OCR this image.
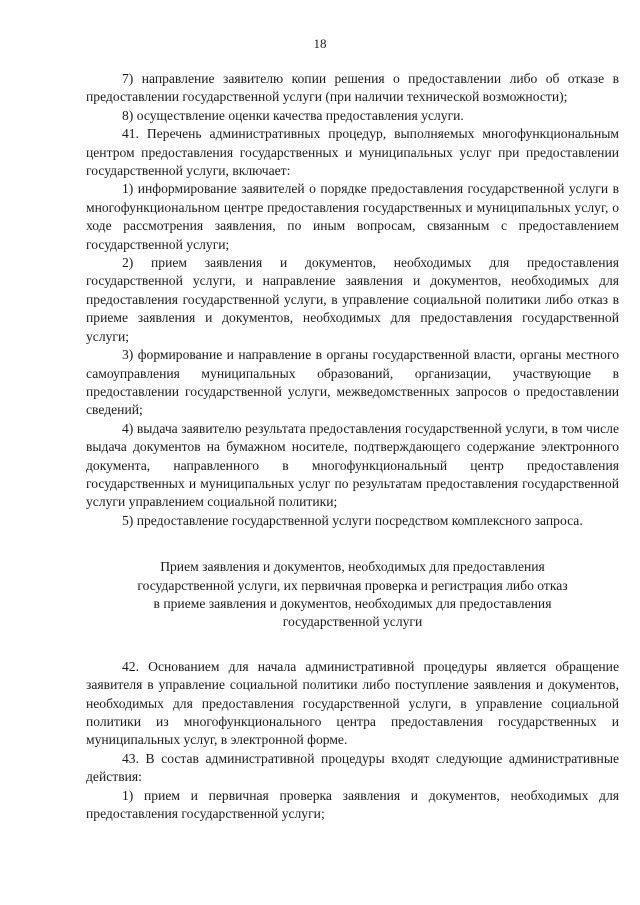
18

7) направление заявителю копии решения о предоставлении либо об отказе в предоставлении государственной услуги (при наличии технической возможности);

8) осуществление оценки качества предоставления услуги.

41. Перечень административных процедур, выполняемых многофункциональным центром предоставления государственных и муниципальных услуг при предоставлении государственной услуги, включает:

1) информирование заявителей о порядке предоставления государственной услуги в многофункциональном центре предоставления государственных и муниципальных услуг, о ходе рассмотрения заявления, по иным вопросам, связанным с предоставлением государственной услуги;

2) прием заявления и документов, необходимых для предоставления государственной услуги, и направление заявления и документов, необходимых для предоставления государственной услуги, в управление социальной политики либо отказ в приеме заявления и документов, необходимых для предоставления государственной услуги;

3) формирование и направление в органы государственной власти, органы местного самоуправления муниципальных образований, организации, участвующие в предоставлении государственной услуги, межведомственных запросов о предоставлении сведений;

4) выдача заявителю результата предоставления государственной услуги, в том числе выдача документов на бумажном носителе, подтверждающего содержание электронного документа, направленного в многофункциональный центр предоставления государственных и муниципальных услуг по результатам предоставления государственной услуги управлением социальной политики;

5) предоставление государственной услуги посредством комплексного запроса.

Прием заявления и документов, необходимых для предоставления

государственной услуги, их первичная проверка и регистрация либо отказ

в приеме заявления и документов, необходимых для предоставления

государственной услуги

42. Основанием для начала административной процедуры является обращение заявителя в управление социальной политики либо поступление заявления и документов, необходимых для предоставления государственной услуги, в управление социальной политики из многофункционального центра предоставления государственных и муниципальных услуг, в электронной форме.

43. В состав административной процедуры входят следующие административные действия:

1) прием и первичная проверка заявления и документов, необходимых для предоставления государственной услуги;
